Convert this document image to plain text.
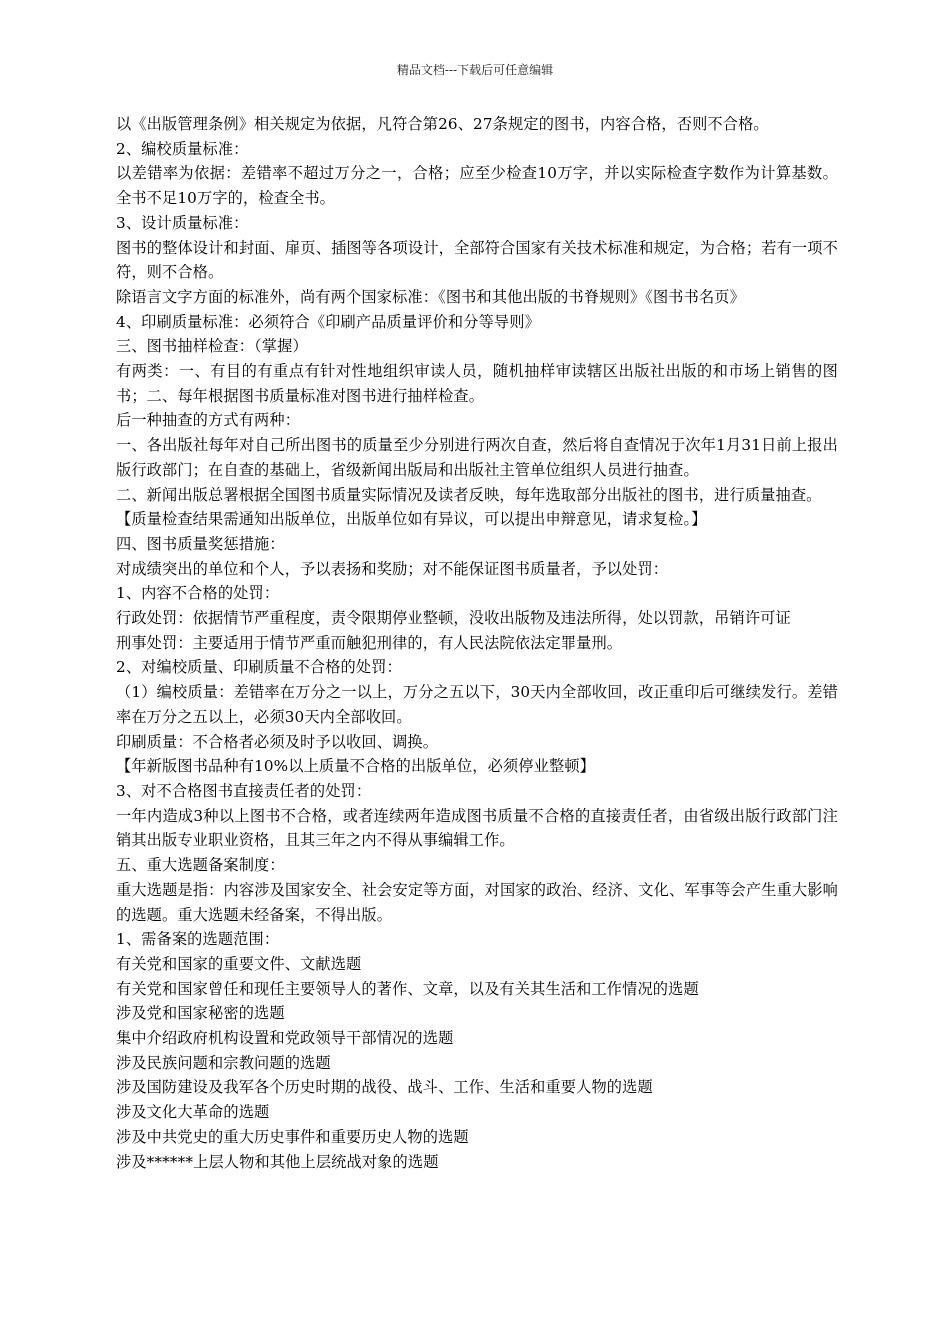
精品文档---下载后可任意编辑

以《出版管理条例》相关规定为依据，凡符合第26、27条规定的图书，内容合格，否则不合格。

2、编校质量标准：

以差错率为依据：差错率不超过万分之一，合格；应至少检查10万字，并以实际检查字数作为计算基数。全书不足10万字的，检查全书。

3、设计质量标准：

图书的整体设计和封面、扉页、插图等各项设计，全部符合国家有关技术标准和规定，为合格；若有一项不符，则不合格。

除语言文字方面的标准外，尚有两个国家标准：《图书和其他出版的书脊规则》《图书书名页》

4、印刷质量标准：必须符合《印刷产品质量评价和分等导则》

三、图书抽样检查：（掌握）

有两类：一、有目的有重点有针对性地组织审读人员，随机抽样审读辖区出版社出版的和市场上销售的图书；二、每年根据图书质量标准对图书进行抽样检查。

后一种抽查的方式有两种：

一、各出版社每年对自己所出图书的质量至少分别进行两次自查，然后将自查情况于次年1月31日前上报出版行政部门；在自查的基础上，省级新闻出版局和出版社主管单位组织人员进行抽查。

二、新闻出版总署根据全国图书质量实际情况及读者反映，每年选取部分出版社的图书，进行质量抽查。

【质量检查结果需通知出版单位，出版单位如有异议，可以提出申辩意见，请求复检。】

四、图书质量奖惩措施：

对成绩突出的单位和个人，予以表扬和奖励；对不能保证图书质量者，予以处罚：

1、内容不合格的处罚：

行政处罚：依据情节严重程度，责令限期停业整顿，没收出版物及违法所得，处以罚款，吊销许可证

刑事处罚：主要适用于情节严重而触犯刑律的，有人民法院依法定罪量刑。

2、对编校质量、印刷质量不合格的处罚：

（1）编校质量：差错率在万分之一以上，万分之五以下，30天内全部收回，改正重印后可继续发行。差错率在万分之五以上，必须30天内全部收回。

印刷质量：不合格者必须及时予以收回、调换。

【年新版图书品种有10%以上质量不合格的出版单位，必须停业整顿】

3、对不合格图书直接责任者的处罚：

一年内造成3种以上图书不合格，或者连续两年造成图书质量不合格的直接责任者，由省级出版行政部门注销其出版专业职业资格，且其三年之内不得从事编辑工作。

五、重大选题备案制度：

重大选题是指：内容涉及国家安全、社会安定等方面，对国家的政治、经济、文化、军事等会产生重大影响的选题。重大选题未经备案，不得出版。

1、需备案的选题范围：

有关党和国家的重要文件、文献选题

有关党和国家曾任和现任主要领导人的著作、文章，以及有关其生活和工作情况的选题

涉及党和国家秘密的选题

集中介绍政府机构设置和党政领导干部情况的选题

涉及民族问题和宗教问题的选题

涉及国防建设及我军各个历史时期的战役、战斗、工作、生活和重要人物的选题

涉及文化大革命的选题

涉及中共党史的重大历史事件和重要历史人物的选题

涉及******上层人物和其他上层统战对象的选题
